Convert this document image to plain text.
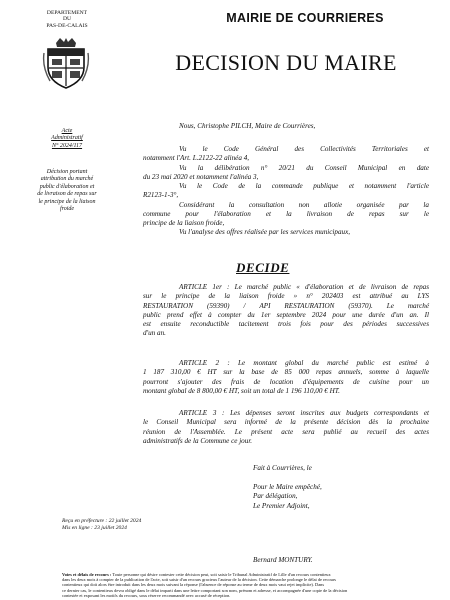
DEPARTEMENT
DU
PAS-DE-CALAIS
Acte
Administratif
N° 2024/117
Décision portant
attribution du marché
public d'élaboration et
de livraison de repas sur
le principe de la liaison
froide
MAIRIE DE COURRIERES
DECISION DU MAIRE
Nous, Christophe PILCH, Maire de Courrières,
Vu le Code Général des Collectivités Territoriales et
notamment l'Art. L.2122-22 alinéa 4,
Vu la délibération n° 20/21 du Conseil Municipal en date
du 23 mai 2020 et notamment l'alinéa 3,
Vu le Code de la commande publique et notamment l'article
R2123-1-3°,
Considérant la consultation non allotie organisée par la
commune pour l'élaboration et la livraison de repas sur le
principe de la liaison froide,
Vu l'analyse des offres réalisée par les services municipaux,
DECIDE
ARTICLE 1er : Le marché public « d'élaboration et de livraison de repas
sur le principe de la liaison froide » n° 202403 est attribué au LYS
RESTAURATION (59390) / API RESTAURATION (59370). Le marché
public prend effet à compter du 1er septembre 2024 pour une durée d'un an. Il
est ensuite reconductible tacitement trois fois pour des périodes successives
d'un an.
ARTICLE 2 : Le montant global du marché public est estimé à
1 187 310,00 € HT sur la base de 85 000 repas annuels, somme à laquelle
pourront s'ajouter des frais de location d'équipements de cuisine pour un
montant global de 8 800,00 € HT, soit un total de 1 196 110,00 € HT.
ARTICLE 3 : Les dépenses seront inscrites aux budgets correspondants et
le Conseil Municipal sera informé de la présente décision dès la prochaine
réunion de l'Assemblée. Le présent acte sera publié au recueil des actes
administratifs de la Commune ce jour.
Fait à Courrières, le
Pour le Maire empêché,
Par délégation,
Le Premier Adjoint,
Reçu en préfecture : 22 juillet 2024
Mis en ligne : 23 juillet 2024
Bernard MONTURY.
Voies et délais de recours : Toute personne qui désire contester cette décision peut, soit saisir le Tribunal Administratif de Lille d'un recours contentieux
dans les deux mois à compter de la publication de l'acte, soit saisir d'un recours gracieux l'auteur de la décision. Cette démarche prolonge le délai de recours
contentieux qui doit alors être introduit dans les deux mois suivant la réponse (l'absence de réponse au terme de deux mois vaut rejet implicite). Dans
ce dernier cas, le contentieux devra obligé dans le délai imparti dans une lettre comportant son nom, prénom et adresse, et accompagnée d'une copie de la décision
contestée et exposant les motifs du recours, sous réserve recommandé avec accusé de réception.
